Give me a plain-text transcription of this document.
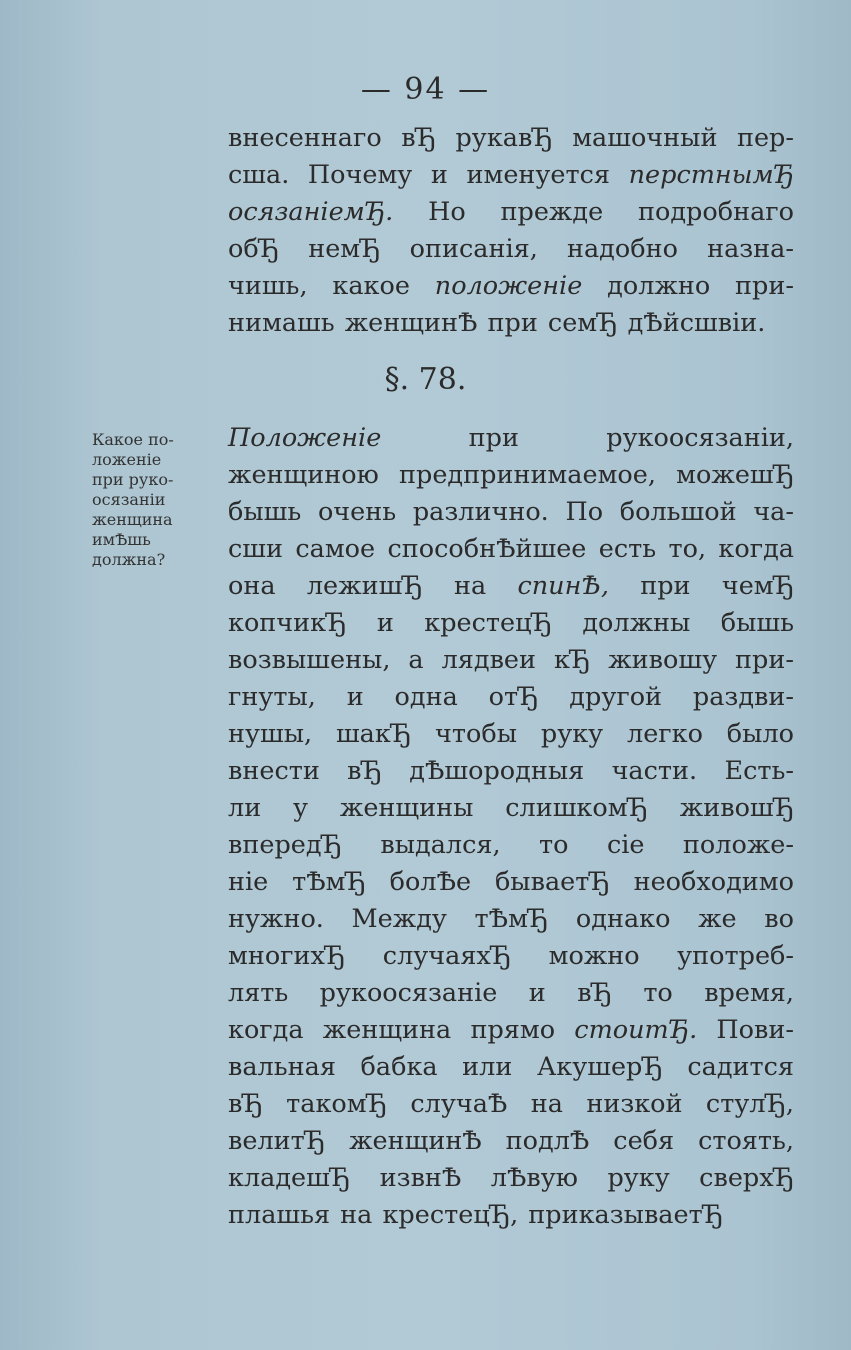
— 94 —
внесеннаго вЂ рукавЂ машочный пер-
сша. Почему и именуется перстнымЂ
осязанiемЂ. Но прежде подробнаго
обЂ немЂ описанiя, надобно назна-
чишь, какое положенiе должно при-
нимашь женщинѢ при семЂ дѢйсшвiи.
§. 78.
Какое по-
ложенiе
при руко-
осязанiи
женщина
имѢшь
должна?
Положенiе при рукоосязанiи,
женщиною предпринимаемое, можешЂ
бышь очень различно. По большой ча-
сши самое способнѢйшее есть то, когда
она лежишЂ на спинѢ, при чемЂ
копчикЂ и крестецЂ должны бышь
возвышены, а лядвеи кЂ живошу при-
гнуты, и одна отЂ другой раздви-
нушы, шакЂ чтобы руку легко было
внести вЂ дѢшородныя части. Есть-
ли у женщины слишкомЂ живошЂ
впередЂ выдался, то сiе положе-
нiе тѢмЂ болѢе бываетЂ необходимо
нужно. Между тѢмЂ однако же во
многихЂ случаяхЂ можно употреб-
лять рукоосязанiе и вЂ то время,
когда женщина прямо стоитЂ. Пови-
вальная бабка или АкушерЂ садится
вЂ такомЂ случаѢ на низкой стулЂ,
велитЂ женщинѢ подлѢ себя стоять,
кладешЂ извнѢ лѢвую руку сверхЂ
плашья на крестецЂ, приказываетЂ
